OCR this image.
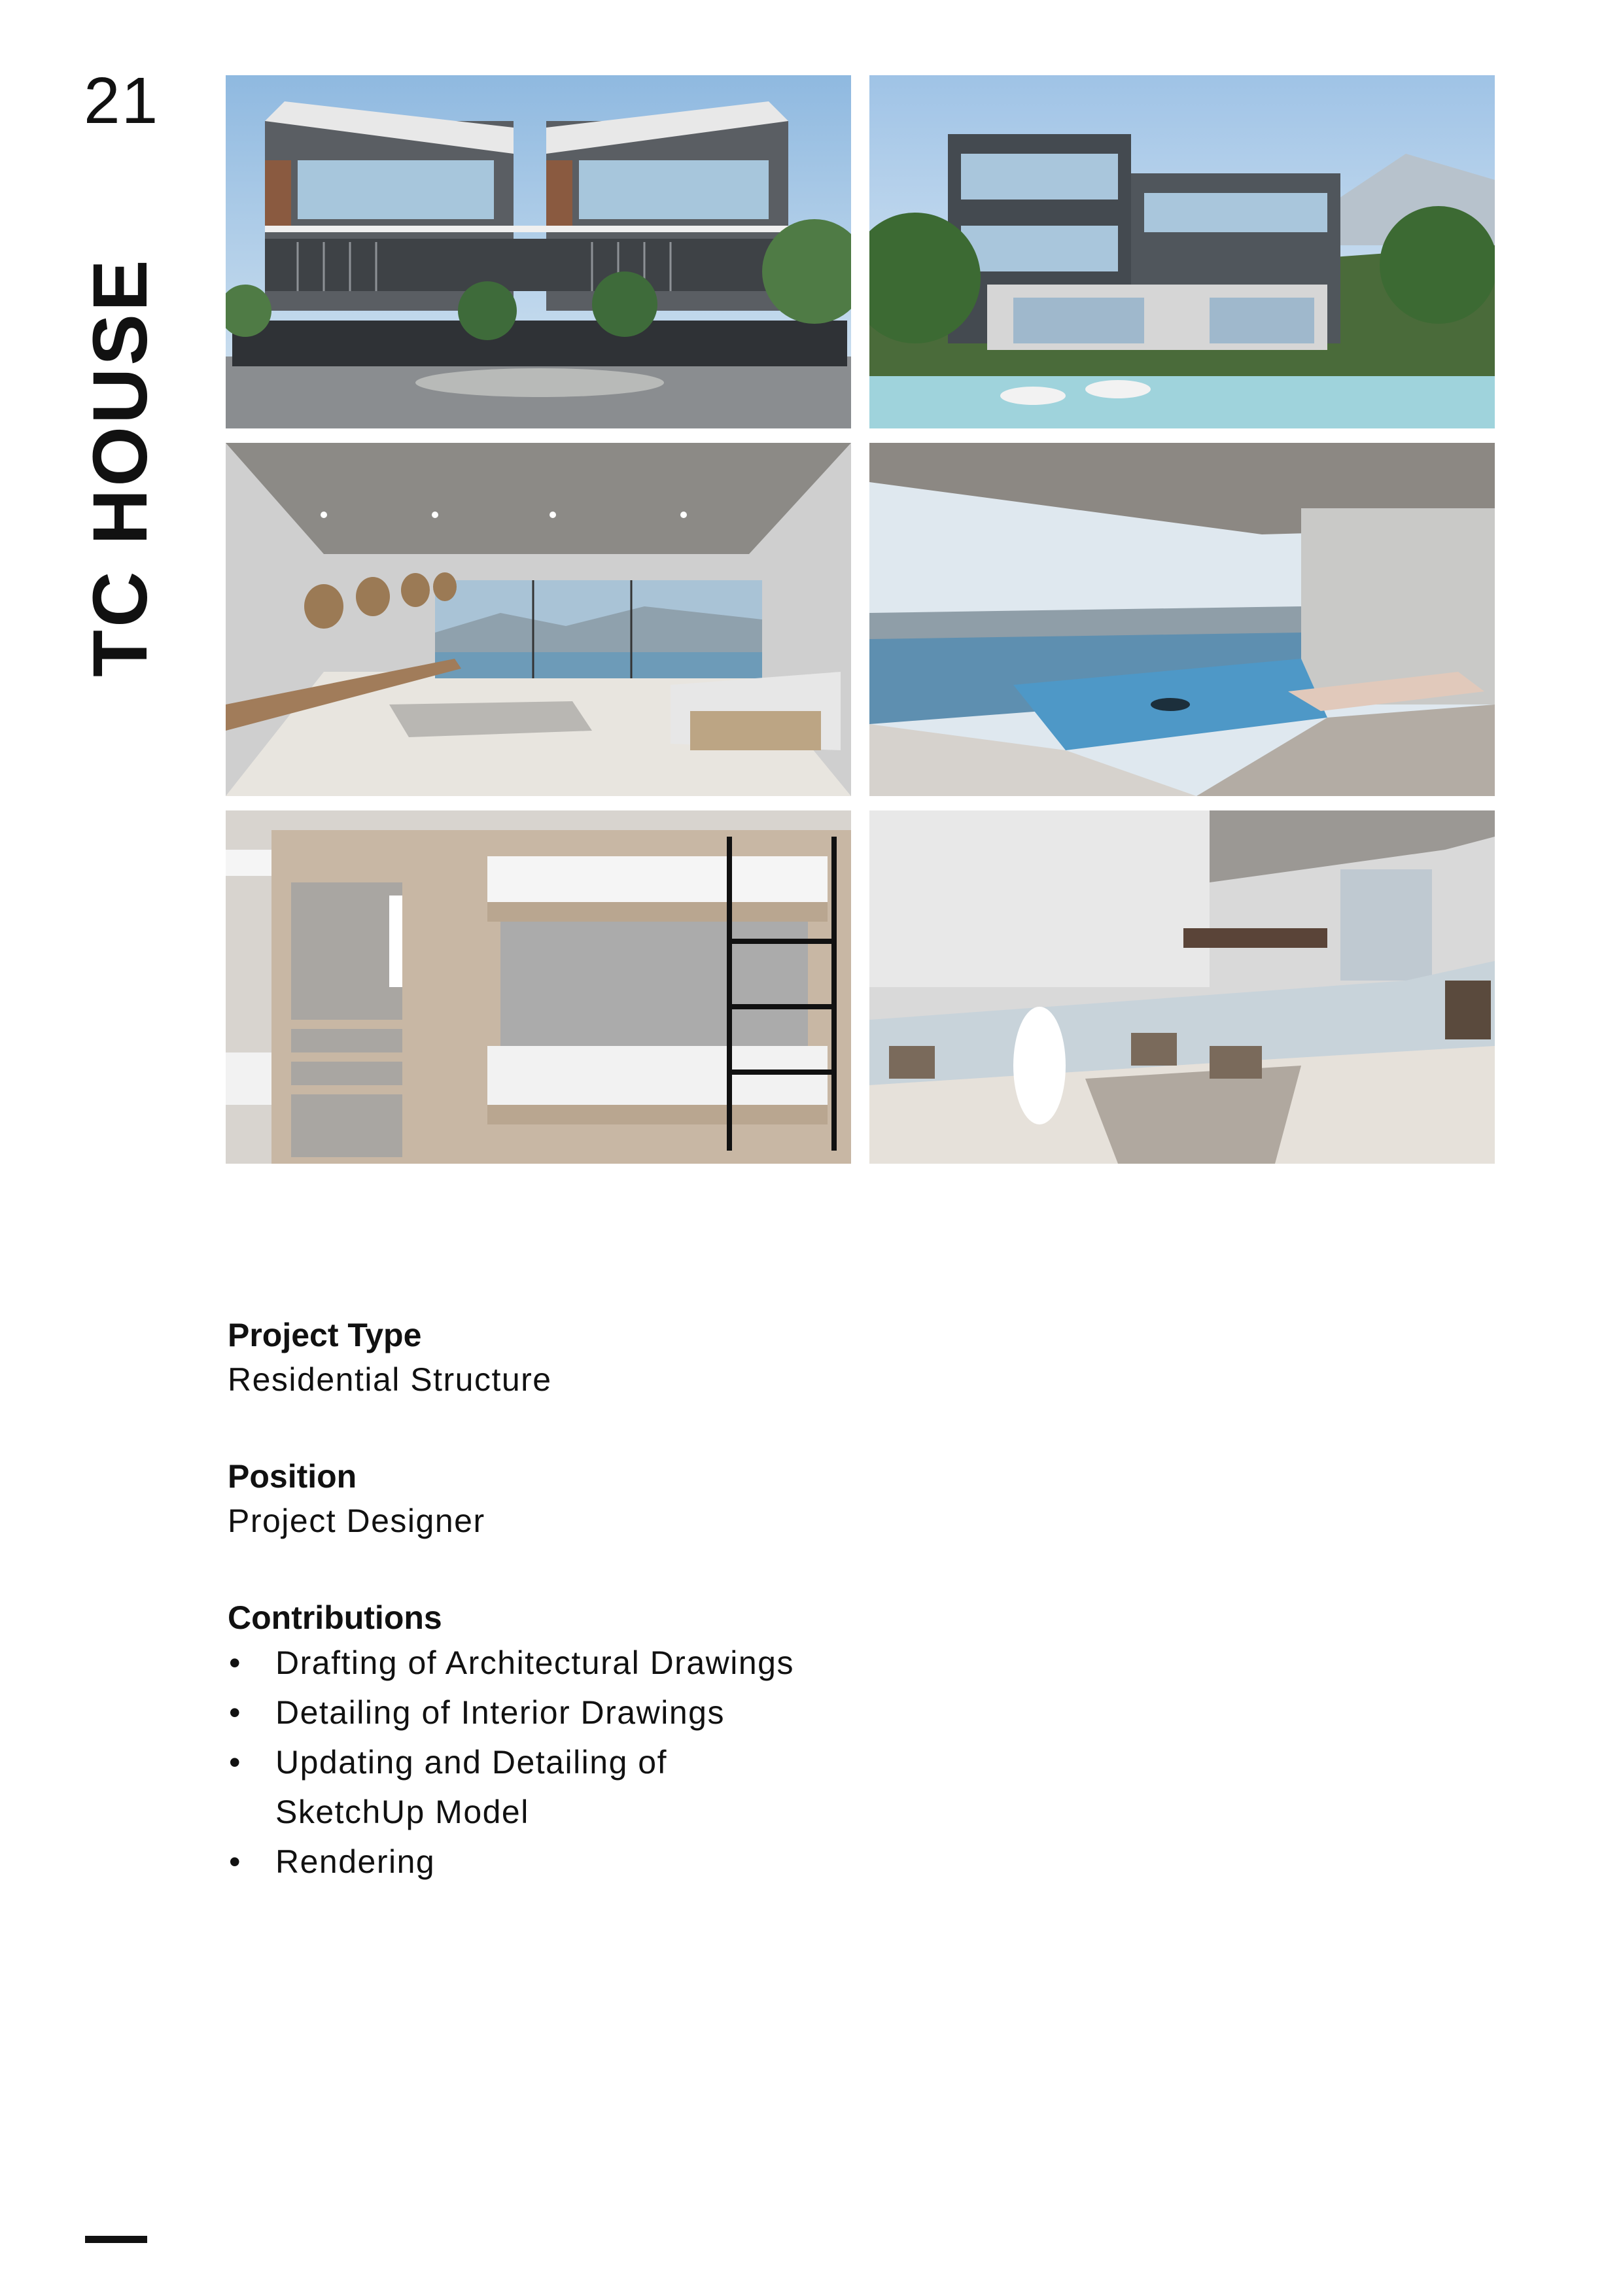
21
TC HOUSE
Project Type
Residential Structure
Position
Project Designer
Contributions
• Drafting of Architectural Drawings
• Detailing of Interior Drawings
• Updating and Detailing of SketchUp Model
• Rendering
